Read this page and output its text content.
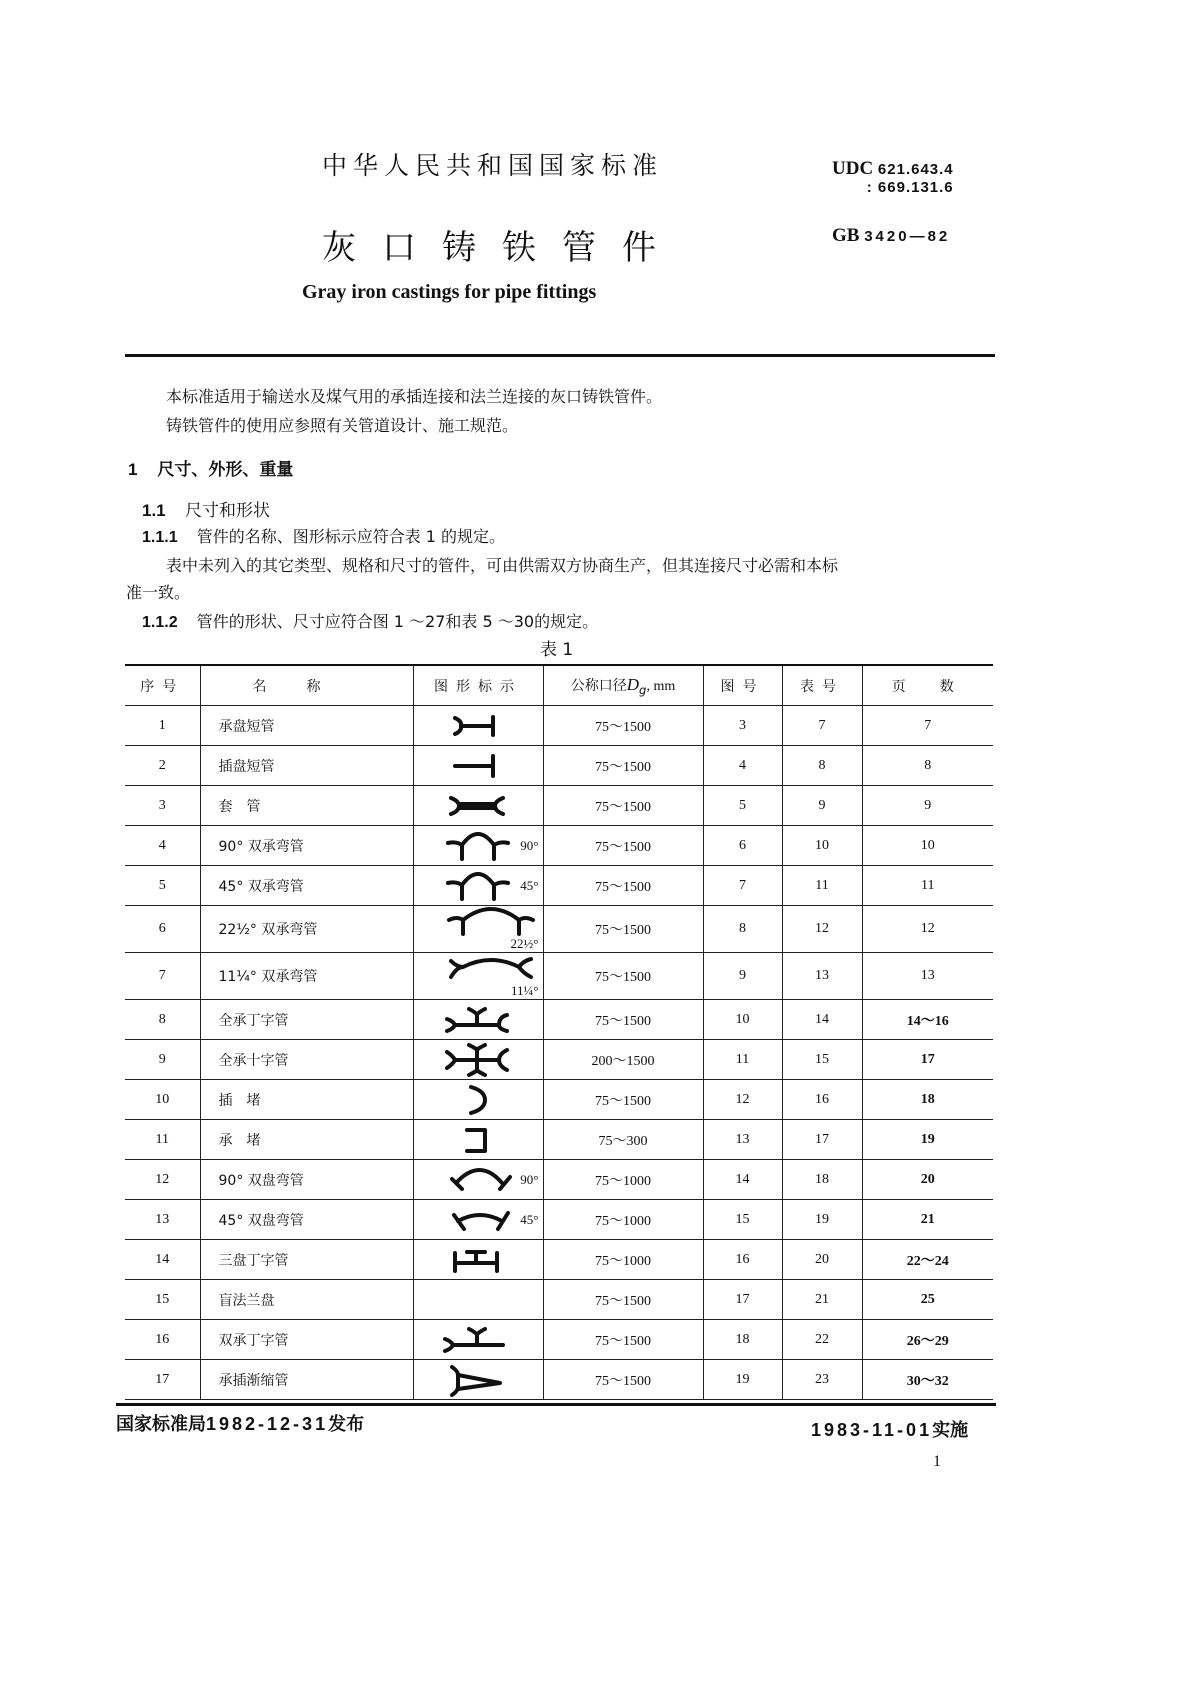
中华人民共和国国家标准
灰口铸铁管件
Gray iron castings for pipe fittings
UDC 621.643.4
: 669.131.6
GB 3420—82
本标准适用于输送水及煤气用的承插连接和法兰连接的灰口铸铁管件。
铸铁管件的使用应参照有关管道设计、施工规范。
1 尺寸、外形、重量
1.1 尺寸和形状
1.1.1 管件的名称、图形标示应符合表 1 的规定。
表中未列入的其它类型、规格和尺寸的管件，可由供需双方协商生产，但其连接尺寸必需和本标
准一致。
1.1.2 管件的形状、尺寸应符合图 1 ～27和表 5 ～30的规定。
表 1
序号	名称	图形标示	公称口径$D_g$, mm	图号	表号	页　数
1	承盘短管		75～1500	3	7	7
2	插盘短管		75～1500	4	8	8
3	套　管		75～1500	5	9	9
4	90° 双承弯管	90°	75～1500	6	10	10
5	45° 双承弯管	45°	75～1500	7	11	11
6	22½° 双承弯管	22½°	75～1500	8	12	12
7	11¼° 双承弯管	11¼°	75～1500	9	13	13
8	全承丁字管		75～1500	10	14	14～16
9	全承十字管		200～1500	11	15	17
10	插　堵		75～1500	12	16	18
11	承　堵		75～300	13	17	19
12	90° 双盘弯管	90°	75～1000	14	18	20
13	45° 双盘弯管	45°	75～1000	15	19	21
14	三盘丁字管		75～1000	16	20	22～24
15	盲法兰盘		75～1500	17	21	25
16	双承丁字管		75～1500	18	22	26～29
17	承插渐缩管		75～1500	19	23	30～32
国家标准局1982-12-31发布	1983-11-01实施
1
